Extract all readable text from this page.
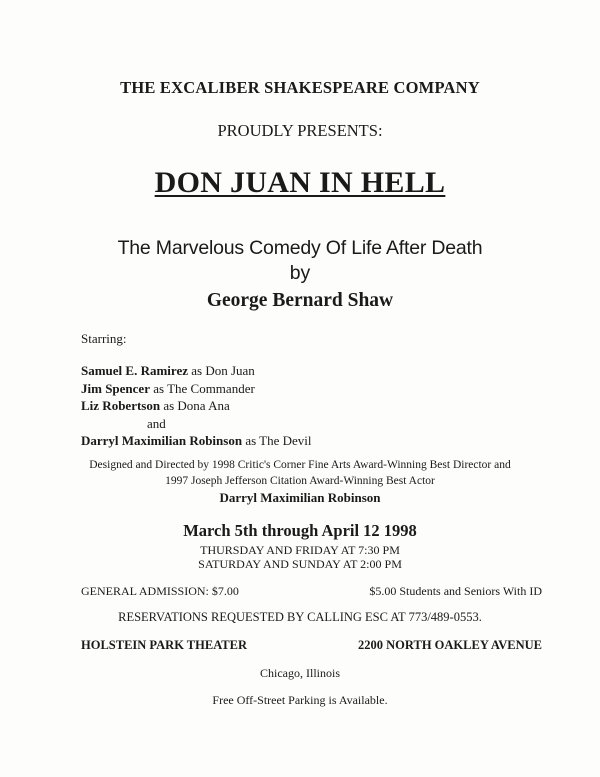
THE EXCALIBER SHAKESPEARE COMPANY
PROUDLY PRESENTS:
DON JUAN IN HELL
The Marvelous Comedy Of Life After Death
by
George Bernard Shaw
Starring:
Samuel E. Ramirez as Don Juan
Jim Spencer as The Commander
Liz Robertson as Dona Ana
and
Darryl Maximilian Robinson as The Devil
Designed and Directed by 1998 Critic's Corner Fine Arts Award-Winning Best Director and
1997 Joseph Jefferson Citation Award-Winning Best Actor
Darryl Maximilian Robinson
March 5th through April 12 1998
THURSDAY AND FRIDAY AT 7:30 PM
SATURDAY AND SUNDAY AT 2:00 PM
GENERAL ADMISSION: $7.00	$5.00 Students and Seniors With ID
RESERVATIONS REQUESTED BY CALLING ESC AT 773/489-0553.
HOLSTEIN PARK THEATER	2200 NORTH OAKLEY AVENUE
Chicago, Illinois
Free Off-Street Parking is Available.
